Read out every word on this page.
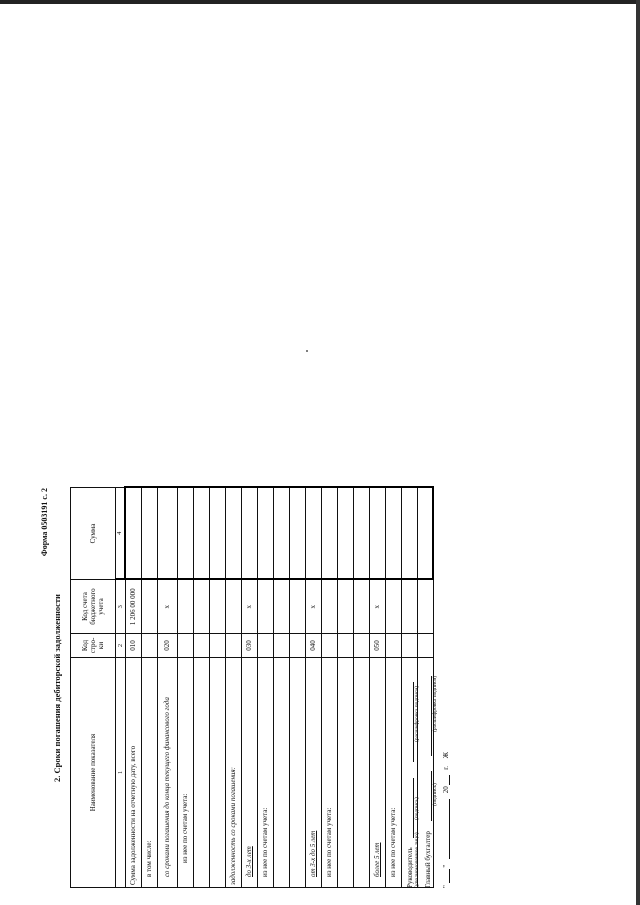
Форма 0503191 с. 2
2. Сроки погашения дебиторской задолженности	Наименование показателя	Код стро-ки	Код счета бюджетного учета	Сумма
1	2	3	4
Сумма задолженности на отчетную дату, всего	010	1 206 00 000	
в том числе:			
со сроками погашения до конца текущего финансового года	020	х	
из нее по счетам учета:			

задолженность со сроками погашения:			
до 3-х лет	030	х	
из нее по счетам учета:			

от 3-х до 5 лет	040	х	
из нее по счетам учета:			

более 5 лет	050	х	
из нее по счетам учета:			

			Руководитель (уполномоченное лицо)
(подпись)
(расшифровка подписи)
Главный бухгалтер
(подпись)
(расшифровка подписи)
"  "  20  г. Ж
